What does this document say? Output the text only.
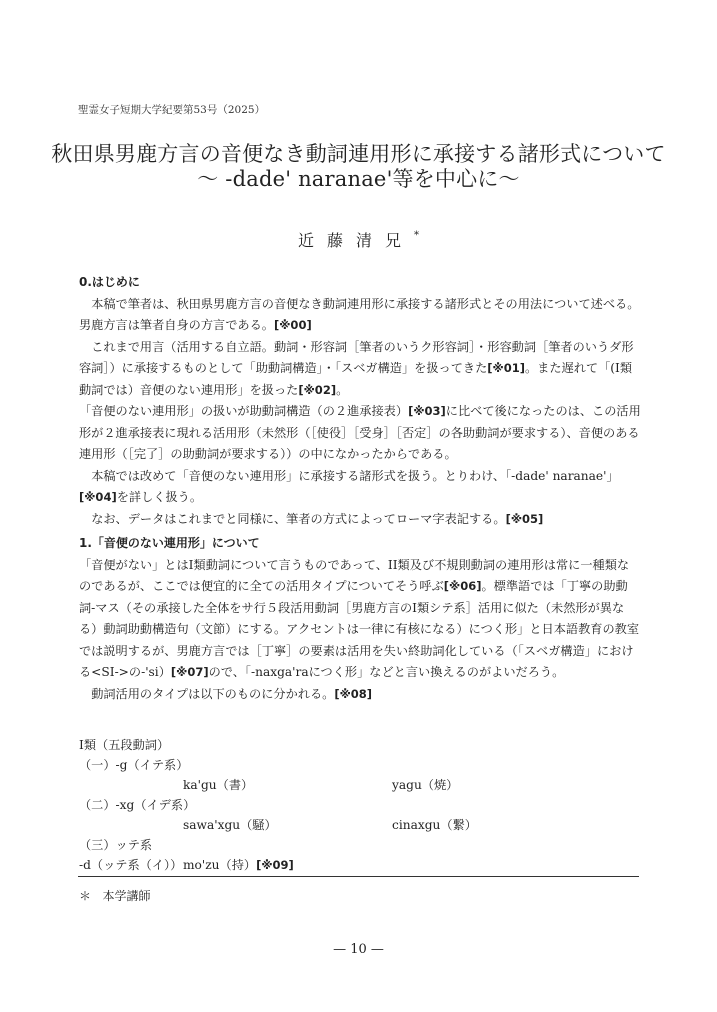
聖霊女子短期大学紀要第53号（2025）
秋田県男鹿方言の音便なき動詞連用形に承接する諸形式について
〜 -dade' naranae'等を中心に〜
近藤清兄*

0.はじめに

本稿で筆者は、秋田県男鹿方言の音便なき動詞連用形に承接する諸形式とその用法について述べる。男鹿方言は筆者自身の方言である。[※00]

これまで用言（活用する自立語。動詞・形容詞［筆者のいうク形容詞］・形容動詞［筆者のいうダ形容詞］）に承接するものとして「助動詞構造」・「スベガ構造」を扱ってきた[※01]。また遅れて「(I類動詞では）音便のない連用形」を扱った[※02]。

「音便のない連用形」の扱いが助動詞構造（の２進承接表）[※03]に比べて後になったのは、この活用形が２進承接表に現れる活用形（未然形（［使役］［受身］［否定］の各助動詞が要求する）、音便のある連用形（［完了］の助動詞が要求する））の中になかったからである。

本稿では改めて「音便のない連用形」に承接する諸形式を扱う。とりわけ、「-dade' naranae'」[※04]を詳しく扱う。

なお、データはこれまでと同様に、筆者の方式によってローマ字表記する。[※05]

1.「音便のない連用形」について

「音便がない」とはI類動詞について言うものであって、II類及び不規則動詞の連用形は常に一種類なのであるが、ここでは便宜的に全ての活用タイプについてそう呼ぶ[※06]。標準語では「丁寧の助動詞-マス（その承接した全体をサ行５段活用動詞［男鹿方言のI類シテ系］活用に似た（未然形が異なる）動詞助動構造句（文節）にする。アクセントは一律に有核になる）につく形」と日本語教育の教室では説明するが、男鹿方言では［丁寧］の要素は活用を失い終助詞化している（「スベガ構造」における<SI->の-'si）[※07]ので、「-naxga'raにつく形」などと言い換えるのがよいだろう。

動詞活用のタイプは以下のものに分かれる。[※08]

I類（五段動詞）
（一）-g（イテ系）
ka'gu（書）	yagu（焼）
（二）-xg（イデ系）
sawa'xgu（騒）	cinaxgu（繋）
（三）ッテ系
-d（ッテ系（イ）） mo'zu（持）[※09]
＊ 本学講師
— 10 —
